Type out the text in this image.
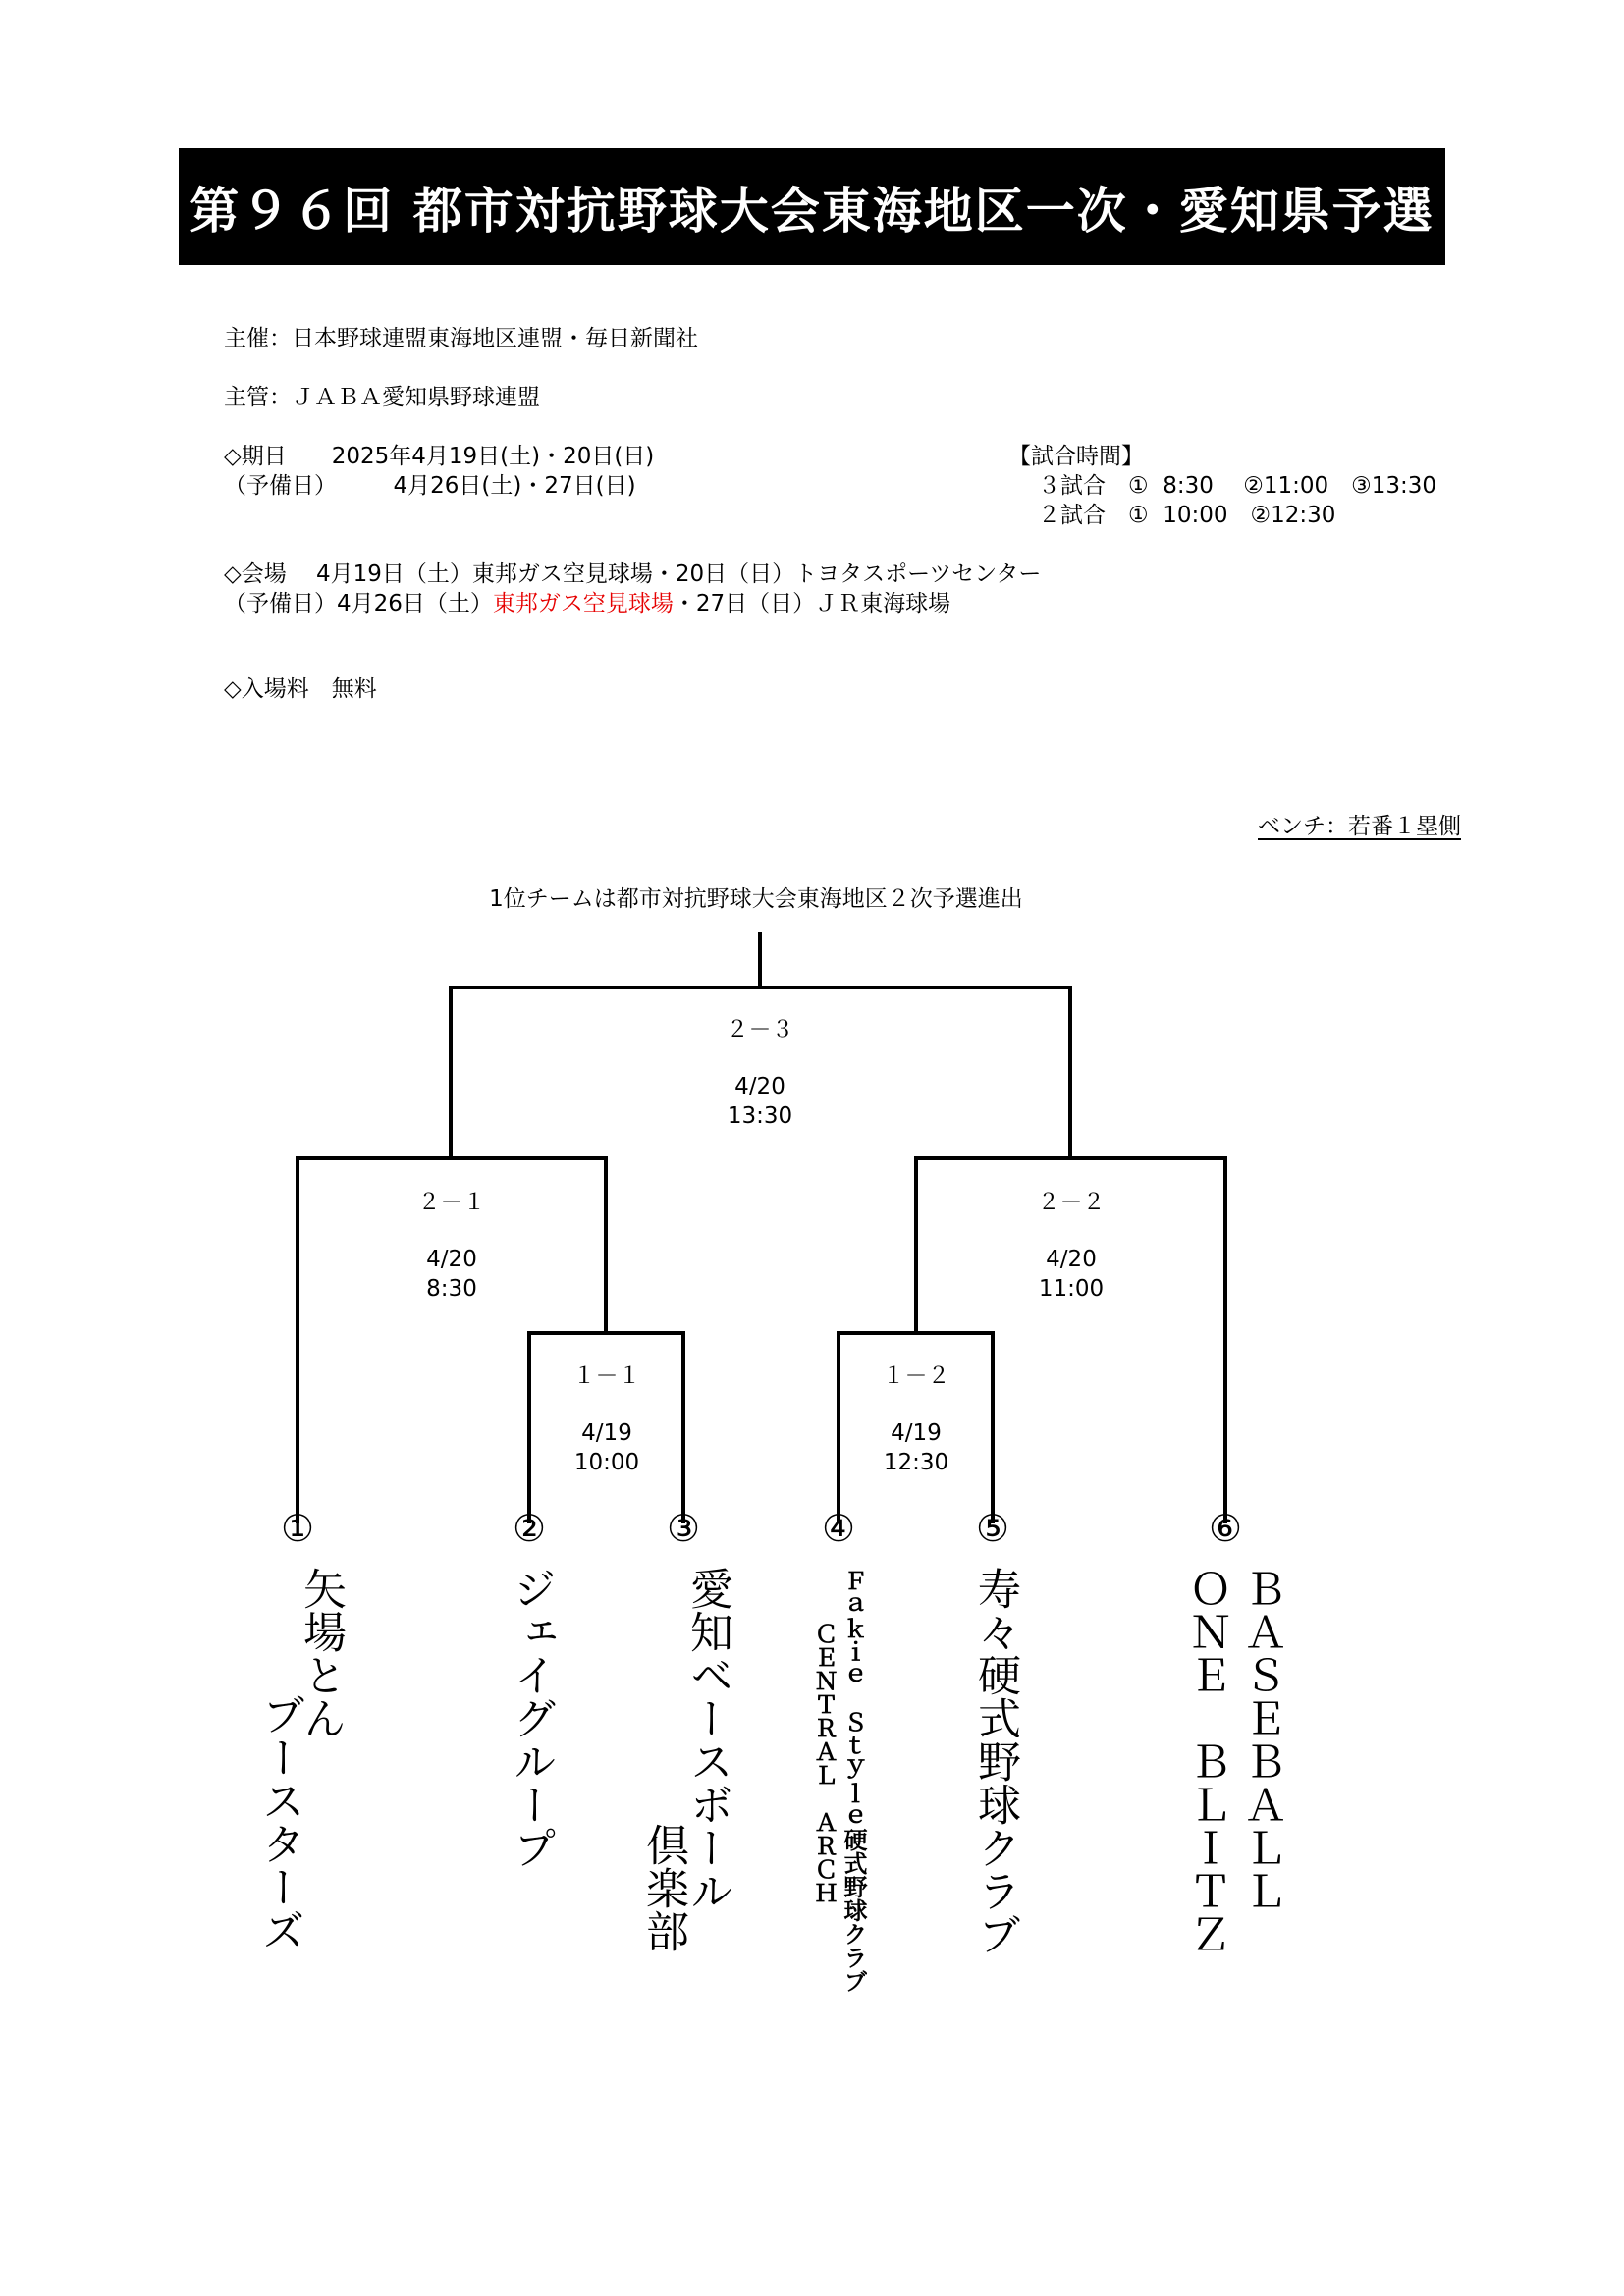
第９６回 都市対抗野球大会東海地区一次・愛知県予選
主催：日本野球連盟東海地区連盟・毎日新聞社
主管：ＪＡＢＡ愛知県野球連盟
◇期日　　2025年4月19日(土)・20日(日)
（予備日）　　　4月26日(土)・27日(日)
【試合時間】
３試合　①  8:30　 ②11:00　③13:30
２試合　①  10:00　②12:30
◇会場　 4月19日（土）東邦ガス空見球場・20日（日）トヨタスポーツセンター
（予備日）4月26日（土）東邦ガス空見球場・27日（日）ＪＲ東海球場
◇入場料　無料
ベンチ：若番１塁側
1位チームは都市対抗野球大会東海地区２次予選進出
２－３
4/20
13:30
２－１
4/20
8:30
２－２
4/20
11:00
１－１
4/19
10:00
１－２
4/19
12:30
①	②	③	④	⑤	⑥
矢場とん
ブースターズ	ジェイグループ	愛知ベースボール
倶楽部	Ｆａｋｉｅ　Ｓｔｙｌｅ硬式野球クラブ
ＣＥＮＴＲＡＬ　ＡＲＣＨ	寿々硬式野球クラブ	ＢＡＳＥＢＡＬＬ
ＯＮＥ　ＢＬＩＴＺ
